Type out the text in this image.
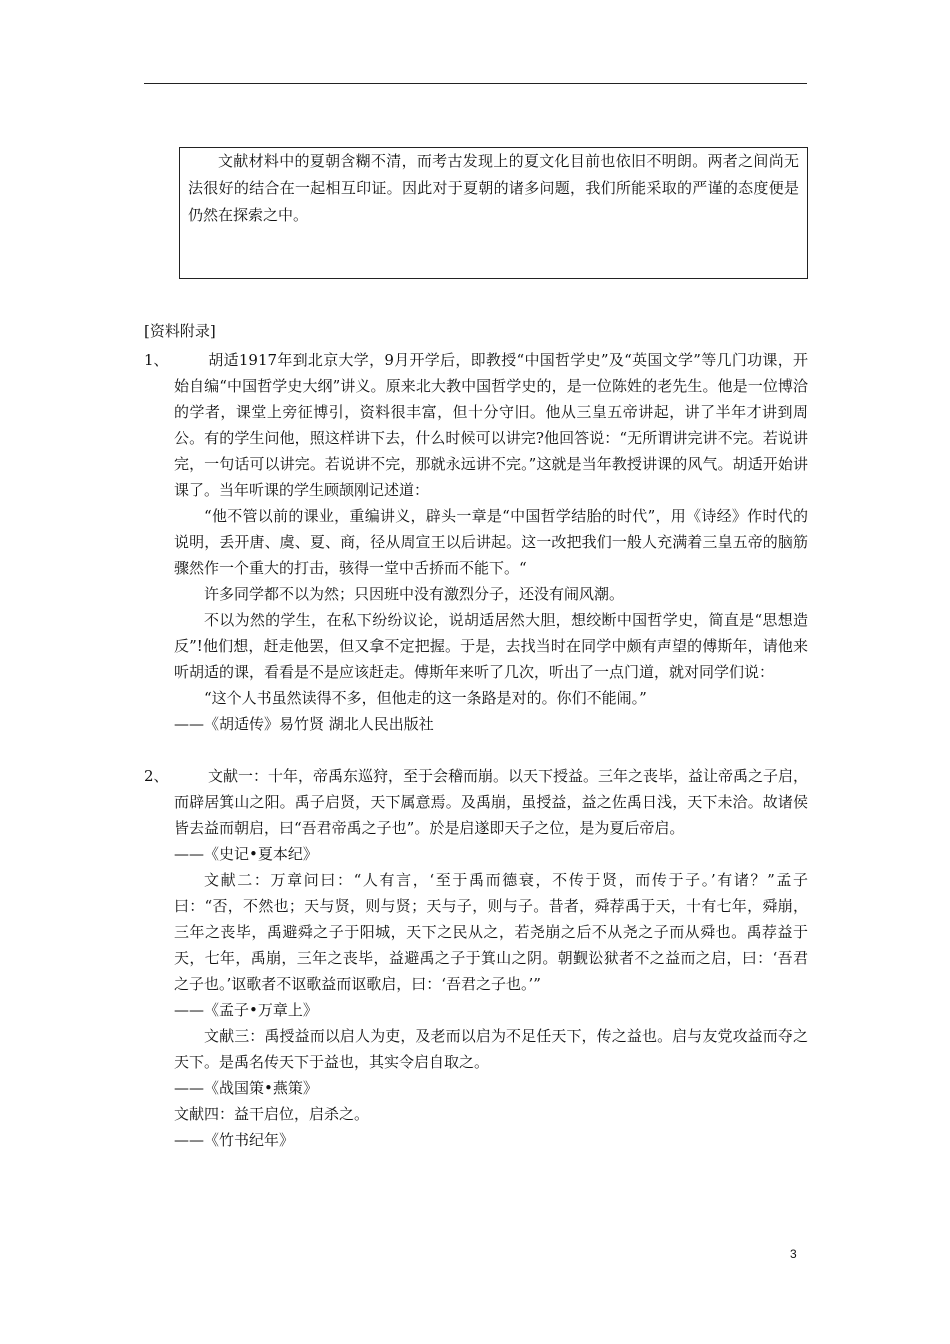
文献材料中的夏朝含糊不清，而考古发现上的夏文化目前也依旧不明朗。两者之间尚无法很好的结合在一起相互印证。因此对于夏朝的诸多问题，我们所能采取的严谨的态度便是仍然在探索之中。

[资料附录]
1、	胡适1917年到北京大学，9月开学后，即教授“中国哲学史”及“英国文学”等几门功课，开始自编“中国哲学史大纲”讲义。原来北大教中国哲学史的，是一位陈姓的老先生。他是一位博洽的学者，课堂上旁征博引，资料很丰富，但十分守旧。他从三皇五帝讲起，讲了半年才讲到周公。有的学生问他，照这样讲下去，什么时候可以讲完?他回答说：“无所谓讲完讲不完。若说讲完，一句话可以讲完。若说讲不完，那就永远讲不完。”这就是当年教授讲课的风气。胡适开始讲课了。当年听课的学生顾颉刚记述道：

“他不管以前的课业，重编讲义，辟头一章是“中国哲学结胎的时代”，用《诗经》作时代的说明，丢开唐、虞、夏、商，径从周宣王以后讲起。这一改把我们一般人充满着三皇五帝的脑筋骤然作一个重大的打击，骇得一堂中舌挢而不能下。“

许多同学都不以为然；只因班中没有激烈分子，还没有闹风潮。

不以为然的学生，在私下纷纷议论，说胡适居然大胆，想绞断中国哲学史，简直是“思想造反”!他们想，赶走他罢，但又拿不定把握。于是，去找当时在同学中颇有声望的傅斯年，请他来听胡适的课，看看是不是应该赶走。傅斯年来听了几次，听出了一点门道，就对同学们说：

“这个人书虽然读得不多，但他走的这一条路是对的。你们不能闹。”

——《胡适传》易竹贤 湖北人民出版社

2、	文献一：十年，帝禹东巡狩，至于会稽而崩。以天下授益。三年之丧毕，益让帝禹之子启，而辟居箕山之阳。禹子启贤，天下属意焉。及禹崩，虽授益，益之佐禹日浅，天下未洽。故诸侯皆去益而朝启，曰“吾君帝禹之子也”。於是启遂即天子之位，是为夏后帝启。

——《史记•夏本纪》

文献二：万章问曰：“人有言，‘至于禹而德衰，不传于贤，而传于子。’有诸？”孟子曰：“否，不然也；天与贤，则与贤；天与子，则与子。昔者，舜荐禹于天，十有七年，舜崩，三年之丧毕，禹避舜之子于阳城，天下之民从之，若尧崩之后不从尧之子而从舜也。禹荐益于天，七年，禹崩，三年之丧毕，益避禹之子于箕山之阴。朝觐讼狱者不之益而之启，曰：‘吾君之子也。’讴歌者不讴歌益而讴歌启，曰：‘吾君之子也。’”

——《孟子•万章上》

文献三：禹授益而以启人为吏，及老而以启为不足任天下，传之益也。启与友党攻益而夺之天下。是禹名传天下于益也，其实令启自取之。

——《战国策•燕策》

文献四：益干启位，启杀之。

——《竹书纪年》

3
